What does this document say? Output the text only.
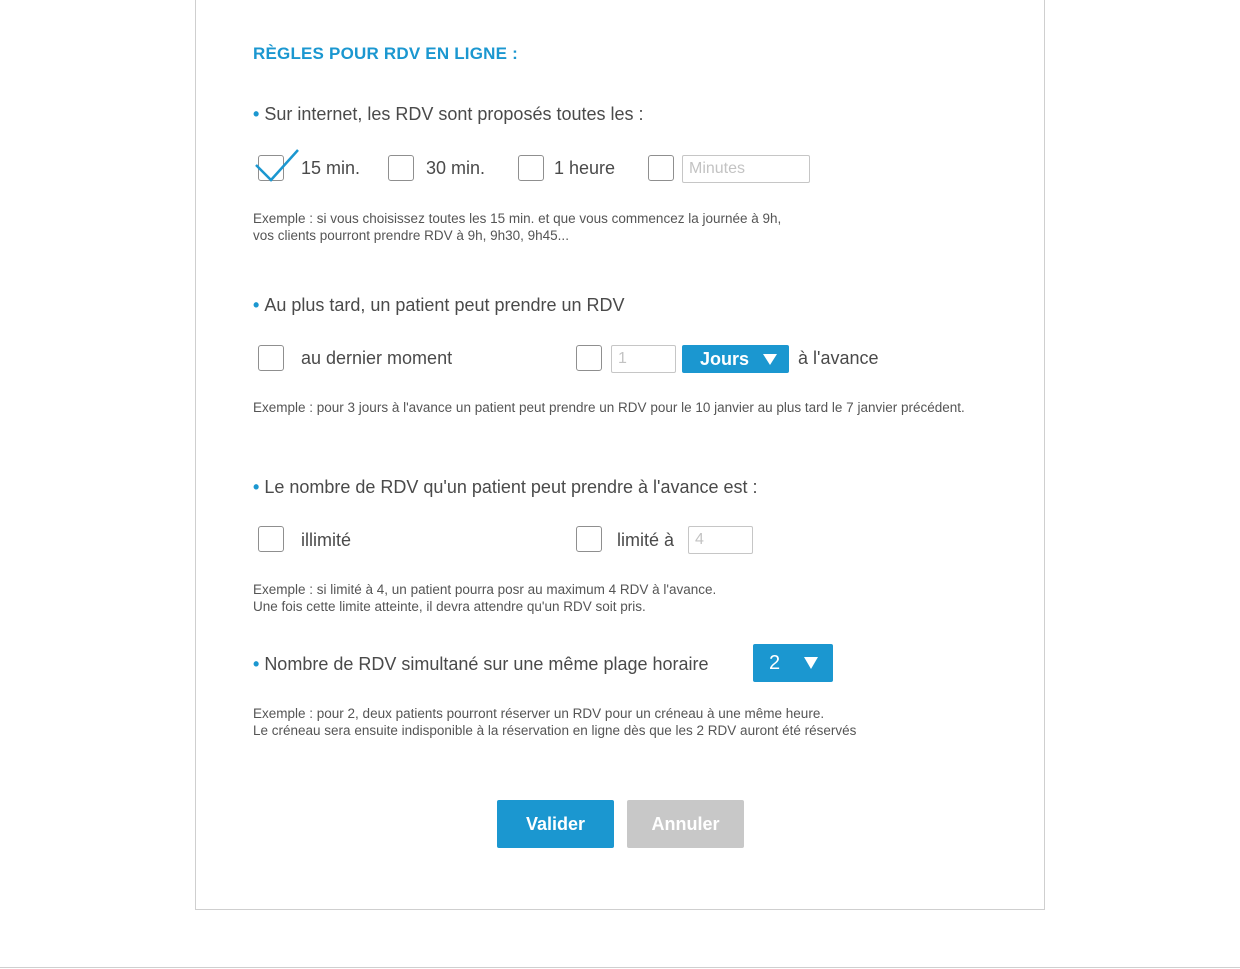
RÈGLES POUR RDV EN LIGNE :
• Sur internet, les RDV sont proposés toutes les :
15 min.	30 min.	1 heure
Minutes
Exemple : si vous choisissez toutes les 15 min. et que vous commencez la journée à 9h,
vos clients pourront prendre RDV à 9h, 9h30, 9h45...
• Au plus tard, un patient peut prendre un RDV
au dernier moment
1	Jours	à l'avance
Exemple : pour 3 jours à l'avance un patient peut prendre un RDV pour le 10 janvier au plus tard le 7 janvier précédent.
• Le nombre de RDV qu'un patient peut prendre à l'avance est :
illimité	limité à
4
Exemple : si limité à 4, un patient pourra posr au maximum 4 RDV à l'avance.
Une fois cette limite atteinte, il devra attendre qu'un RDV soit pris.
• Nombre de RDV simultané sur une même plage horaire	2
Exemple : pour 2, deux patients pourront réserver un RDV pour un créneau à une même heure.
Le créneau sera ensuite indisponible à la réservation en ligne dès que les 2 RDV auront été réservés
Valider	Annuler
